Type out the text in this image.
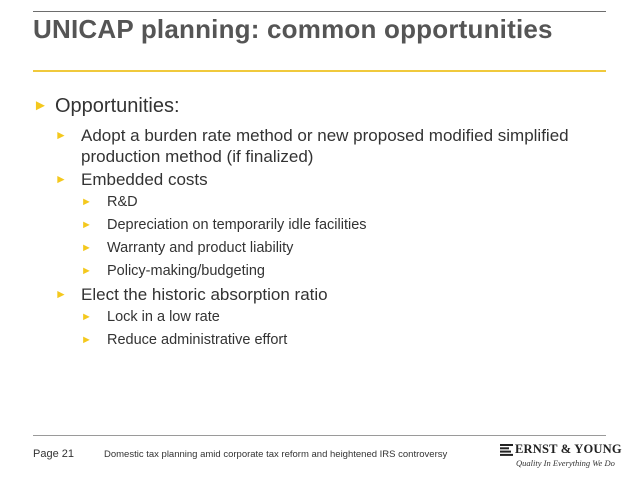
UNICAP planning: common opportunities
► Opportunities:
► Adopt a burden rate method or new proposed modified simplified production method (if finalized)
► Embedded costs
►	R&D
►	Depreciation on temporarily idle facilities
►	Warranty and product liability
►	Policy-making/budgeting
► Elect the historic absorption ratio
►	Lock in a low rate
►	Reduce administrative effort
Page 21	Domestic tax planning amid corporate tax reform and heightened IRS controversy	ERNST & YOUNG
Quality In Everything We Do
